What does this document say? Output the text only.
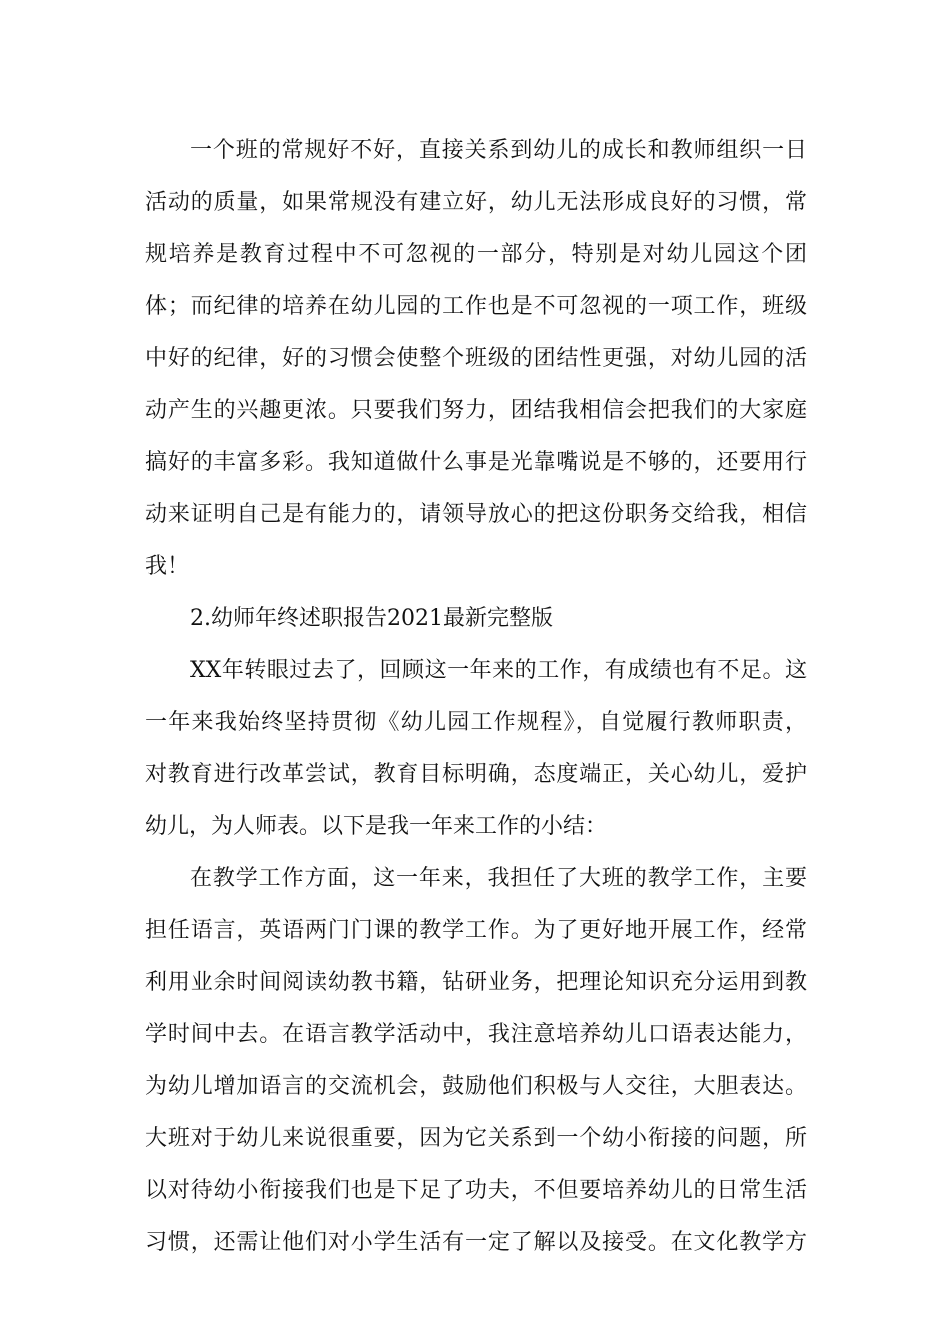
一个班的常规好不好，直接关系到幼儿的成长和教师组织一日
活动的质量，如果常规没有建立好，幼儿无法形成良好的习惯，常
规培养是教育过程中不可忽视的一部分，特别是对幼儿园这个团
体；而纪律的培养在幼儿园的工作也是不可忽视的一项工作，班级
中好的纪律，好的习惯会使整个班级的团结性更强，对幼儿园的活
动产生的兴趣更浓。只要我们努力，团结我相信会把我们的大家庭
搞好的丰富多彩。我知道做什么事是光靠嘴说是不够的，还要用行
动来证明自己是有能力的，请领导放心的把这份职务交给我，相信
我！
2.幼师年终述职报告2021最新完整版
XX年转眼过去了，回顾这一年来的工作，有成绩也有不足。这
一年来我始终坚持贯彻《幼儿园工作规程》，自觉履行教师职责，
对教育进行改革尝试，教育目标明确，态度端正，关心幼儿，爱护
幼儿，为人师表。以下是我一年来工作的小结：
在教学工作方面，这一年来，我担任了大班的教学工作，主要
担任语言，英语两门门课的教学工作。为了更好地开展工作，经常
利用业余时间阅读幼教书籍，钻研业务，把理论知识充分运用到教
学时间中去。在语言教学活动中，我注意培养幼儿口语表达能力，
为幼儿增加语言的交流机会，鼓励他们积极与人交往，大胆表达。
大班对于幼儿来说很重要，因为它关系到一个幼小衔接的问题，所
以对待幼小衔接我们也是下足了功夫，不但要培养幼儿的日常生活
习惯，还需让他们对小学生活有一定了解以及接受。在文化教学方
